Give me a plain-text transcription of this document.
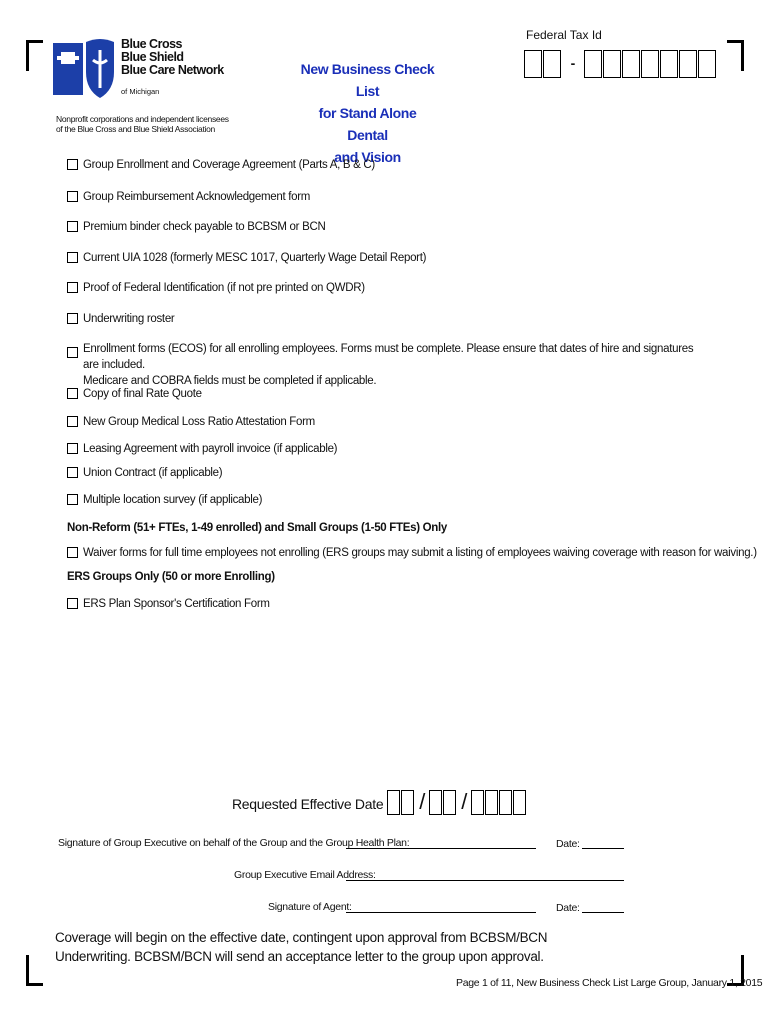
Blue Cross
Blue Shield
Blue Care Network
of Michigan
Nonprofit corporations and independent licensees
of the Blue Cross and Blue Shield Association
New Business Check List
for Stand Alone Dental
and Vision
Federal Tax Id
-
Group Enrollment and Coverage Agreement (Parts A, B & C)
Group Reimbursement Acknowledgement form
Premium binder check payable to BCBSM or BCN
Current UIA 1028 (formerly MESC 1017, Quarterly Wage Detail Report)
Proof of Federal Identification (if not pre printed on QWDR)
Underwriting roster
Enrollment forms (ECOS) for all enrolling employees. Forms must be complete. Please ensure that dates of hire and signatures are included.
Medicare and COBRA fields must be completed if applicable.
Copy of final Rate Quote
New Group Medical Loss Ratio Attestation Form
Leasing Agreement with payroll invoice (if applicable)
Union Contract (if applicable)
Multiple location survey (if applicable)
Non-Reform (51+ FTEs, 1-49 enrolled) and Small Groups (1-50 FTEs) Only
Waiver forms for full time employees not enrolling (ERS groups may submit a listing of employees waiving coverage with reason for waiving.)
ERS Groups Only (50 or more Enrolling)
ERS Plan Sponsor's Certification Form
Requested Effective Date / /
Signature of Group Executive on behalf of the Group and the Group Health Plan:	Date:
Group Executive Email Address:
Signature of Agent:	Date:
Coverage will begin on the effective date, contingent upon approval from BCBSM/BCN Underwriting. BCBSM/BCN will send an acceptance letter to the group upon approval.
Page 1 of 11, New Business Check List Large Group, January 1, 2015
